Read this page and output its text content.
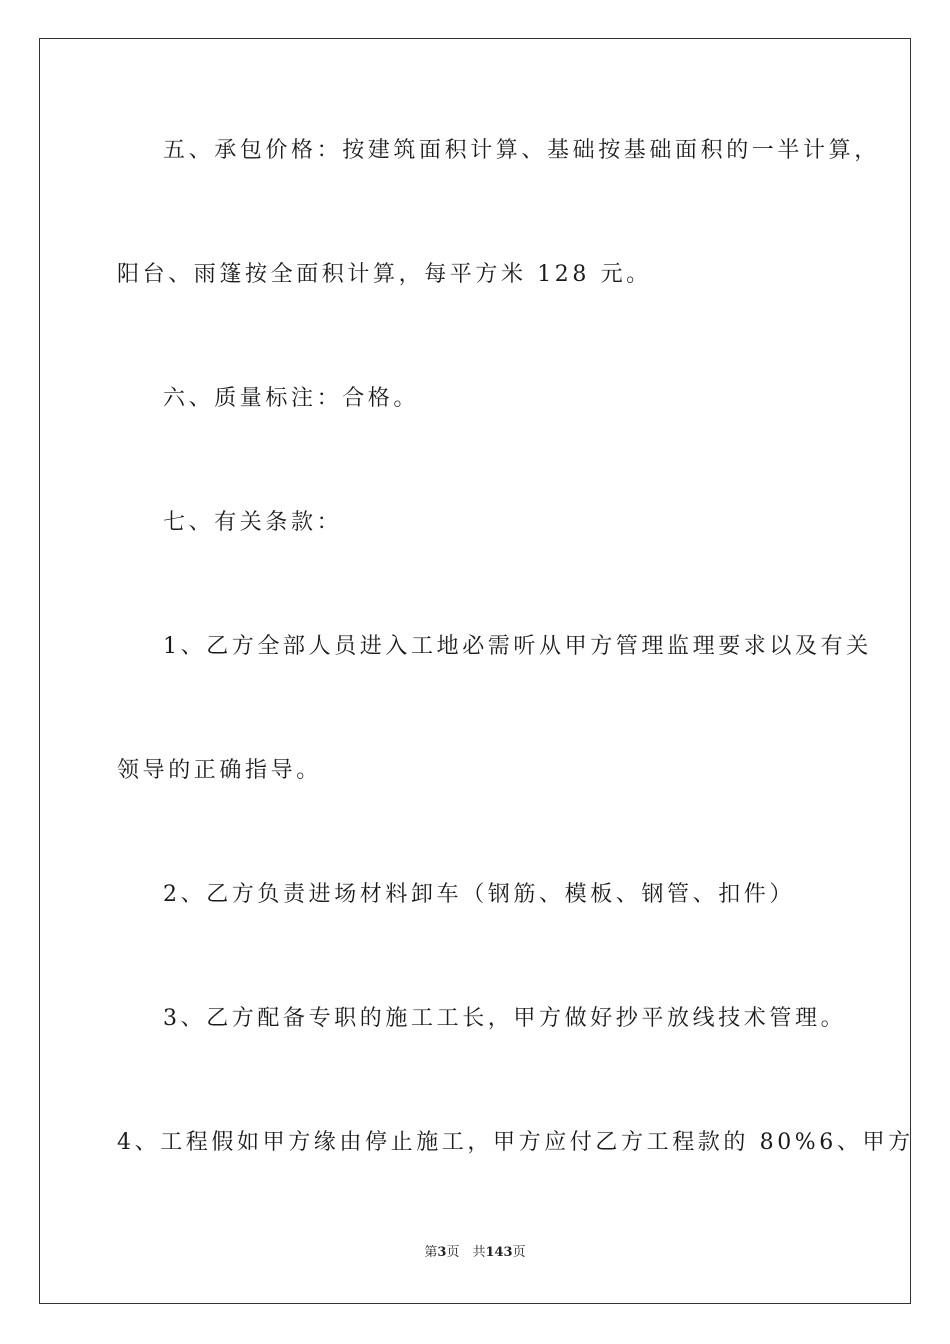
五、承包价格：按建筑面积计算、基础按基础面积的一半计算，
阳台、雨篷按全面积计算，每平方米 128 元。
六、质量标注：合格。
七、有关条款：
1、乙方全部人员进入工地必需听从甲方管理监理要求以及有关
领导的正确指导。
2、乙方负责进场材料卸车（钢筋、模板、钢管、扣件）
3、乙方配备专职的施工工长，甲方做好抄平放线技术管理。
4、工程假如甲方缘由停止施工，甲方应付乙方工程款的 80%6、甲方
第3页　共143页
